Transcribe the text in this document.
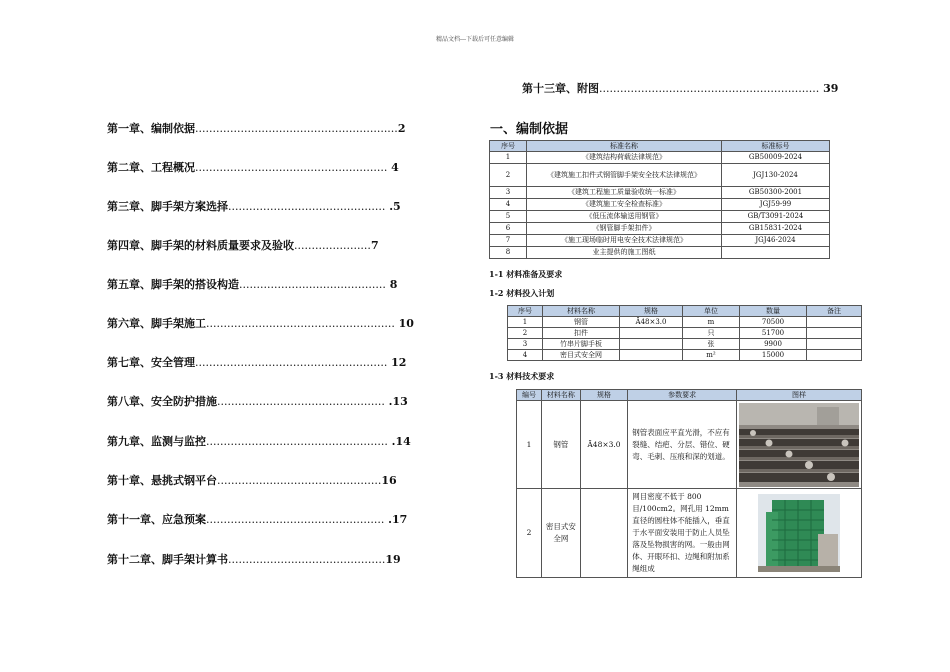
精品文档---下载后可任意编辑
第一章、编制依据..........................................................2
第二章、工程概况....................................................... 4
第三章、脚手架方案选择............................................. .5
第四章、脚手架的材料质量要求及验收......................7
第五章、脚手架的搭设构造.......................................... 8
第六章、脚手架施工...................................................... 10
第七章、安全管理....................................................... 12
第八章、安全防护措施................................................ .13
第九章、监测与监控.................................................... .14
第十章、悬挑式钢平台...............................................16
第十一章、应急预案................................................... .17
第十二章、脚手架计算书.............................................19
第十三章、附图............................................................... 39
一、编制依据
序号	标准名称	标准标号
1	《建筑结构荷载法律规范》	GB50009-2024
2	《建筑施工扣件式钢管脚手架安全技术法律规范》	JGJ130-2024
3	《建筑工程施工质量验收统一标准》	GB50300-2001
4	《建筑施工安全检查标准》	JGJ59-99
5	《低压流体输送用钢管》	GB/T3091-2024
6	《钢管脚手架扣件》	GB15831-2024
7	《施工现场临时用电安全技术法律规范》	JGJ46-2024
8	业主提供的施工图纸	
1-1 材料准备及要求
1-2 材料投入计划
序号	材料名称	规格	单位	数量	备注
1	钢管	Ā48×3.0	m	70500	
2	扣件		只	51700	
3	竹串片脚手板		张	9900	
4	密目式安全网		m²	15000	
1-3 材料技术要求
编号	材料名称	规格	参数要求	图样
1	钢管	Ā48×3.0	钢管表面应平直光滑，不应有裂缝、结疤、分层、错位、硬弯、毛刺、压痕和深的划道。	

2	密目式安全网		网目密度不低于 800 目/100cm2。网孔用 12mm 直径的圆柱体不能插入，垂直于水平面安装用于防止人员坠落及坠物损害的网。一般由网体、开眼环扣、边绳和附加系绳组成	
